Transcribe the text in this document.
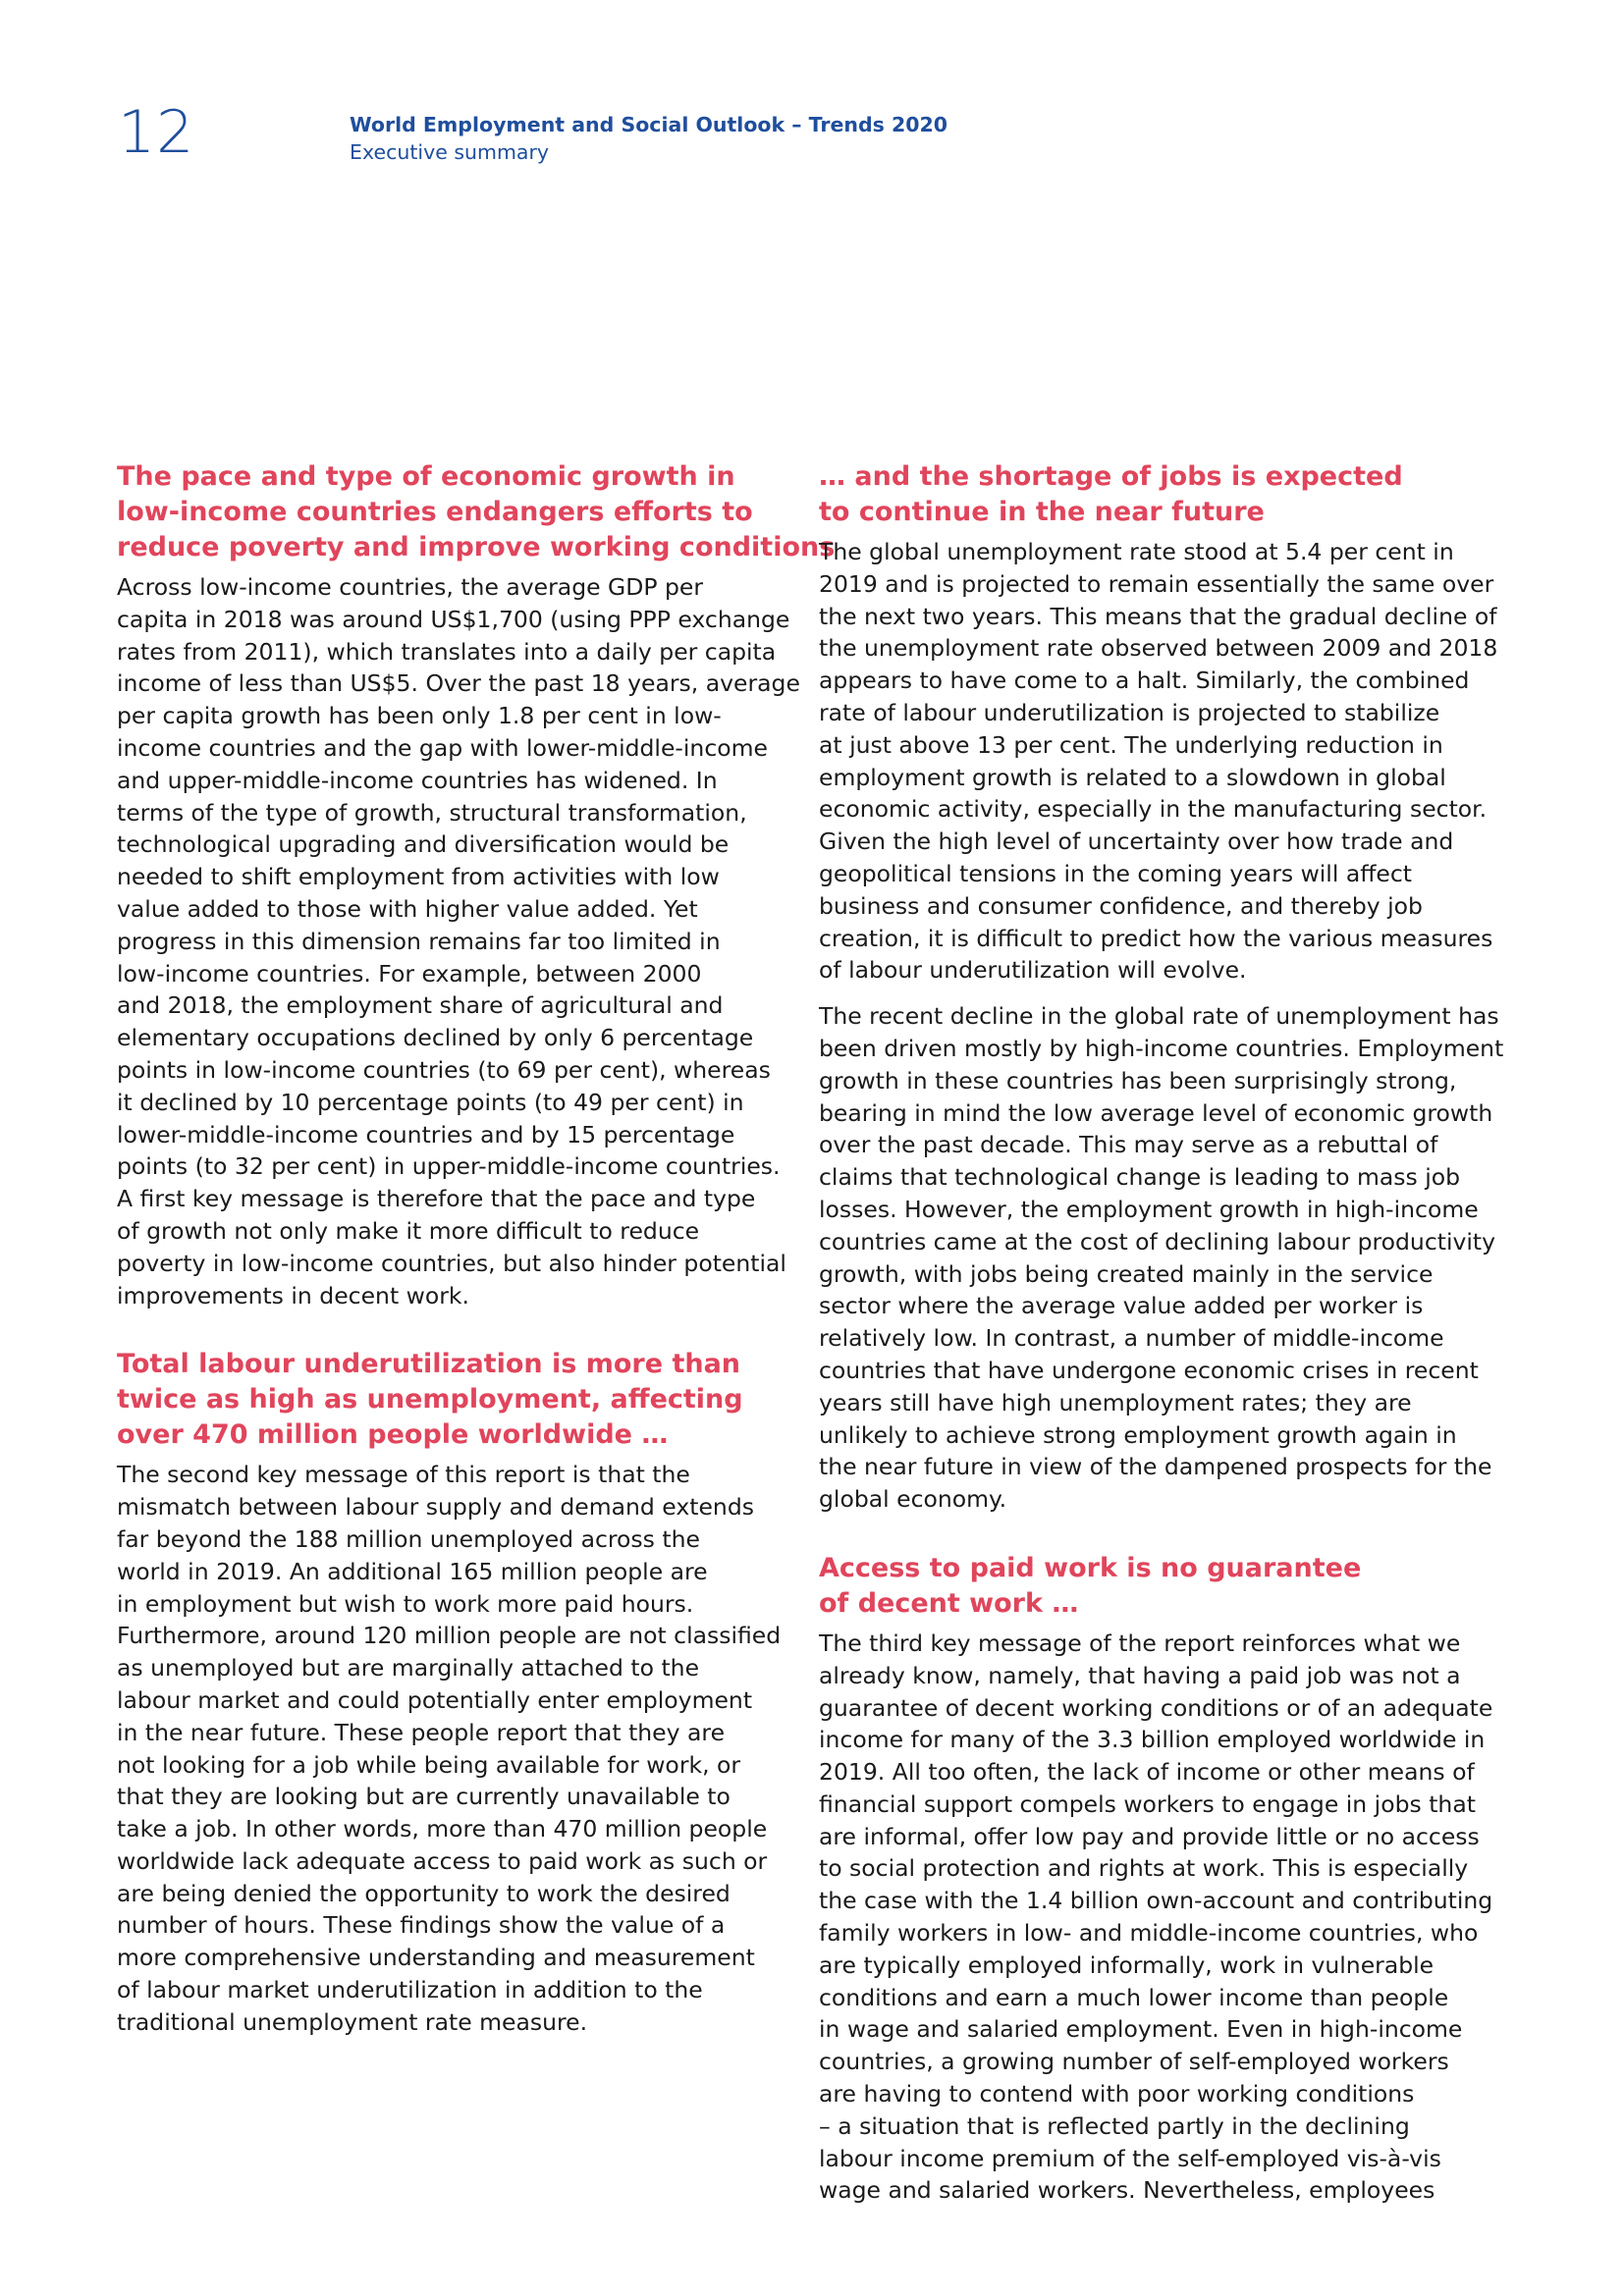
12	World Employment and Social Outlook – Trends 2020
Executive summary
The pace and type of economic growth in
low-income countries endangers efforts to
reduce poverty and improve working conditions

Across low-income countries, the average GDP per
capita in 2018 was around US$1,700 (using PPP exchange
rates from 2011), which translates into a daily per capita
income of less than US$5. Over the past 18 years, average
per capita growth has been only 1.8 per cent in low-
income countries and the gap with lower-middle-income
and upper-middle-income countries has widened. In
terms of the type of growth, structural transformation,
technological upgrading and diversification would be
needed to shift employment from activities with low
value added to those with higher value added. Yet
progress in this dimension remains far too limited in
low-income countries. For example, between 2000
and 2018, the employment share of agricultural and
elementary occupations declined by only 6 percentage
points in low-income countries (to 69 per cent), whereas
it declined by 10 percentage points (to 49 per cent) in
lower-middle-income countries and by 15 percentage
points (to 32 per cent) in upper-middle-income countries.
A first key message is therefore that the pace and type
of growth not only make it more difficult to reduce
poverty in low-income countries, but also hinder potential
improvements in decent work.

Total labour underutilization is more than
twice as high as unemployment, affecting
over 470 million people worldwide …

The second key message of this report is that the
mismatch between labour supply and demand extends
far beyond the 188 million unemployed across the
world in 2019. An additional 165 million people are
in employment but wish to work more paid hours.
Furthermore, around 120 million people are not classified
as unemployed but are marginally attached to the
labour market and could potentially enter employment
in the near future. These people report that they are
not looking for a job while being available for work, or
that they are looking but are currently unavailable to
take a job. In other words, more than 470 million people
worldwide lack adequate access to paid work as such or
are being denied the opportunity to work the desired
number of hours. These findings show the value of a
more comprehensive understanding and measurement
of labour market underutilization in addition to the
traditional unemployment rate measure.

… and the shortage of jobs is expected
to continue in the near future

The global unemployment rate stood at 5.4 per cent in
2019 and is projected to remain essentially the same over
the next two years. This means that the gradual decline of
the unemployment rate observed between 2009 and 2018
appears to have come to a halt. Similarly, the combined
rate of labour underutilization is projected to stabilize
at just above 13 per cent. The underlying reduction in
employment growth is related to a slowdown in global
economic activity, especially in the manufacturing sector.
Given the high level of uncertainty over how trade and
geopolitical tensions in the coming years will affect
business and consumer confidence, and thereby job
creation, it is difficult to predict how the various measures
of labour underutilization will evolve.

The recent decline in the global rate of unemployment has
been driven mostly by high-income countries. Employment
growth in these countries has been surprisingly strong,
bearing in mind the low average level of economic growth
over the past decade. This may serve as a rebuttal of
claims that technological change is leading to mass job
losses. However, the employment growth in high-income
countries came at the cost of declining labour productivity
growth, with jobs being created mainly in the service
sector where the average value added per worker is
relatively low. In contrast, a number of middle-income
countries that have undergone economic crises in recent
years still have high unemployment rates; they are
unlikely to achieve strong employment growth again in
the near future in view of the dampened prospects for the
global economy.

Access to paid work is no guarantee
of decent work …

The third key message of the report reinforces what we
already know, namely, that having a paid job was not a
guarantee of decent working conditions or of an adequate
income for many of the 3.3 billion employed worldwide in
2019. All too often, the lack of income or other means of
financial support compels workers to engage in jobs that
are informal, offer low pay and provide little or no access
to social protection and rights at work. This is especially
the case with the 1.4 billion own-account and contributing
family workers in low- and middle-income countries, who
are typically employed informally, work in vulnerable
conditions and earn a much lower income than people
in wage and salaried employment. Even in high-income
countries, a growing number of self-employed workers
are having to contend with poor working conditions
– a situation that is reflected partly in the declining
labour income premium of the self-employed vis-à-vis
wage and salaried workers. Nevertheless, employees
